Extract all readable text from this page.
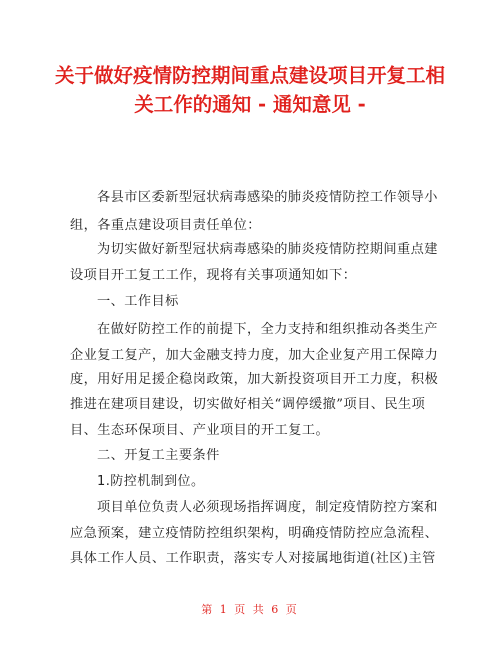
关于做好疫情防控期间重点建设项目开复工相
关工作的通知 - 通知意见 -
各县市区委新型冠状病毒感染的肺炎疫情防控工作领导小
组，各重点建设项目责任单位：
为切实做好新型冠状病毒感染的肺炎疫情防控期间重点建
设项目开工复工工作，现将有关事项通知如下：
一、工作目标
在做好防控工作的前提下，全力支持和组织推动各类生产
企业复工复产，加大金融支持力度，加大企业复产用工保障力
度，用好用足援企稳岗政策，加大新投资项目开工力度，积极
推进在建项目建设，切实做好相关“调停缓撤”项目、民生项
目、生态环保项目、产业项目的开工复工。
二、开复工主要条件
1.防控机制到位。
项目单位负责人必须现场指挥调度，制定疫情防控方案和
应急预案，建立疫情防控组织架构，明确疫情防控应急流程、
具体工作人员、工作职责，落实专人对接属地街道(社区)主管
第 1 页 共 6 页
